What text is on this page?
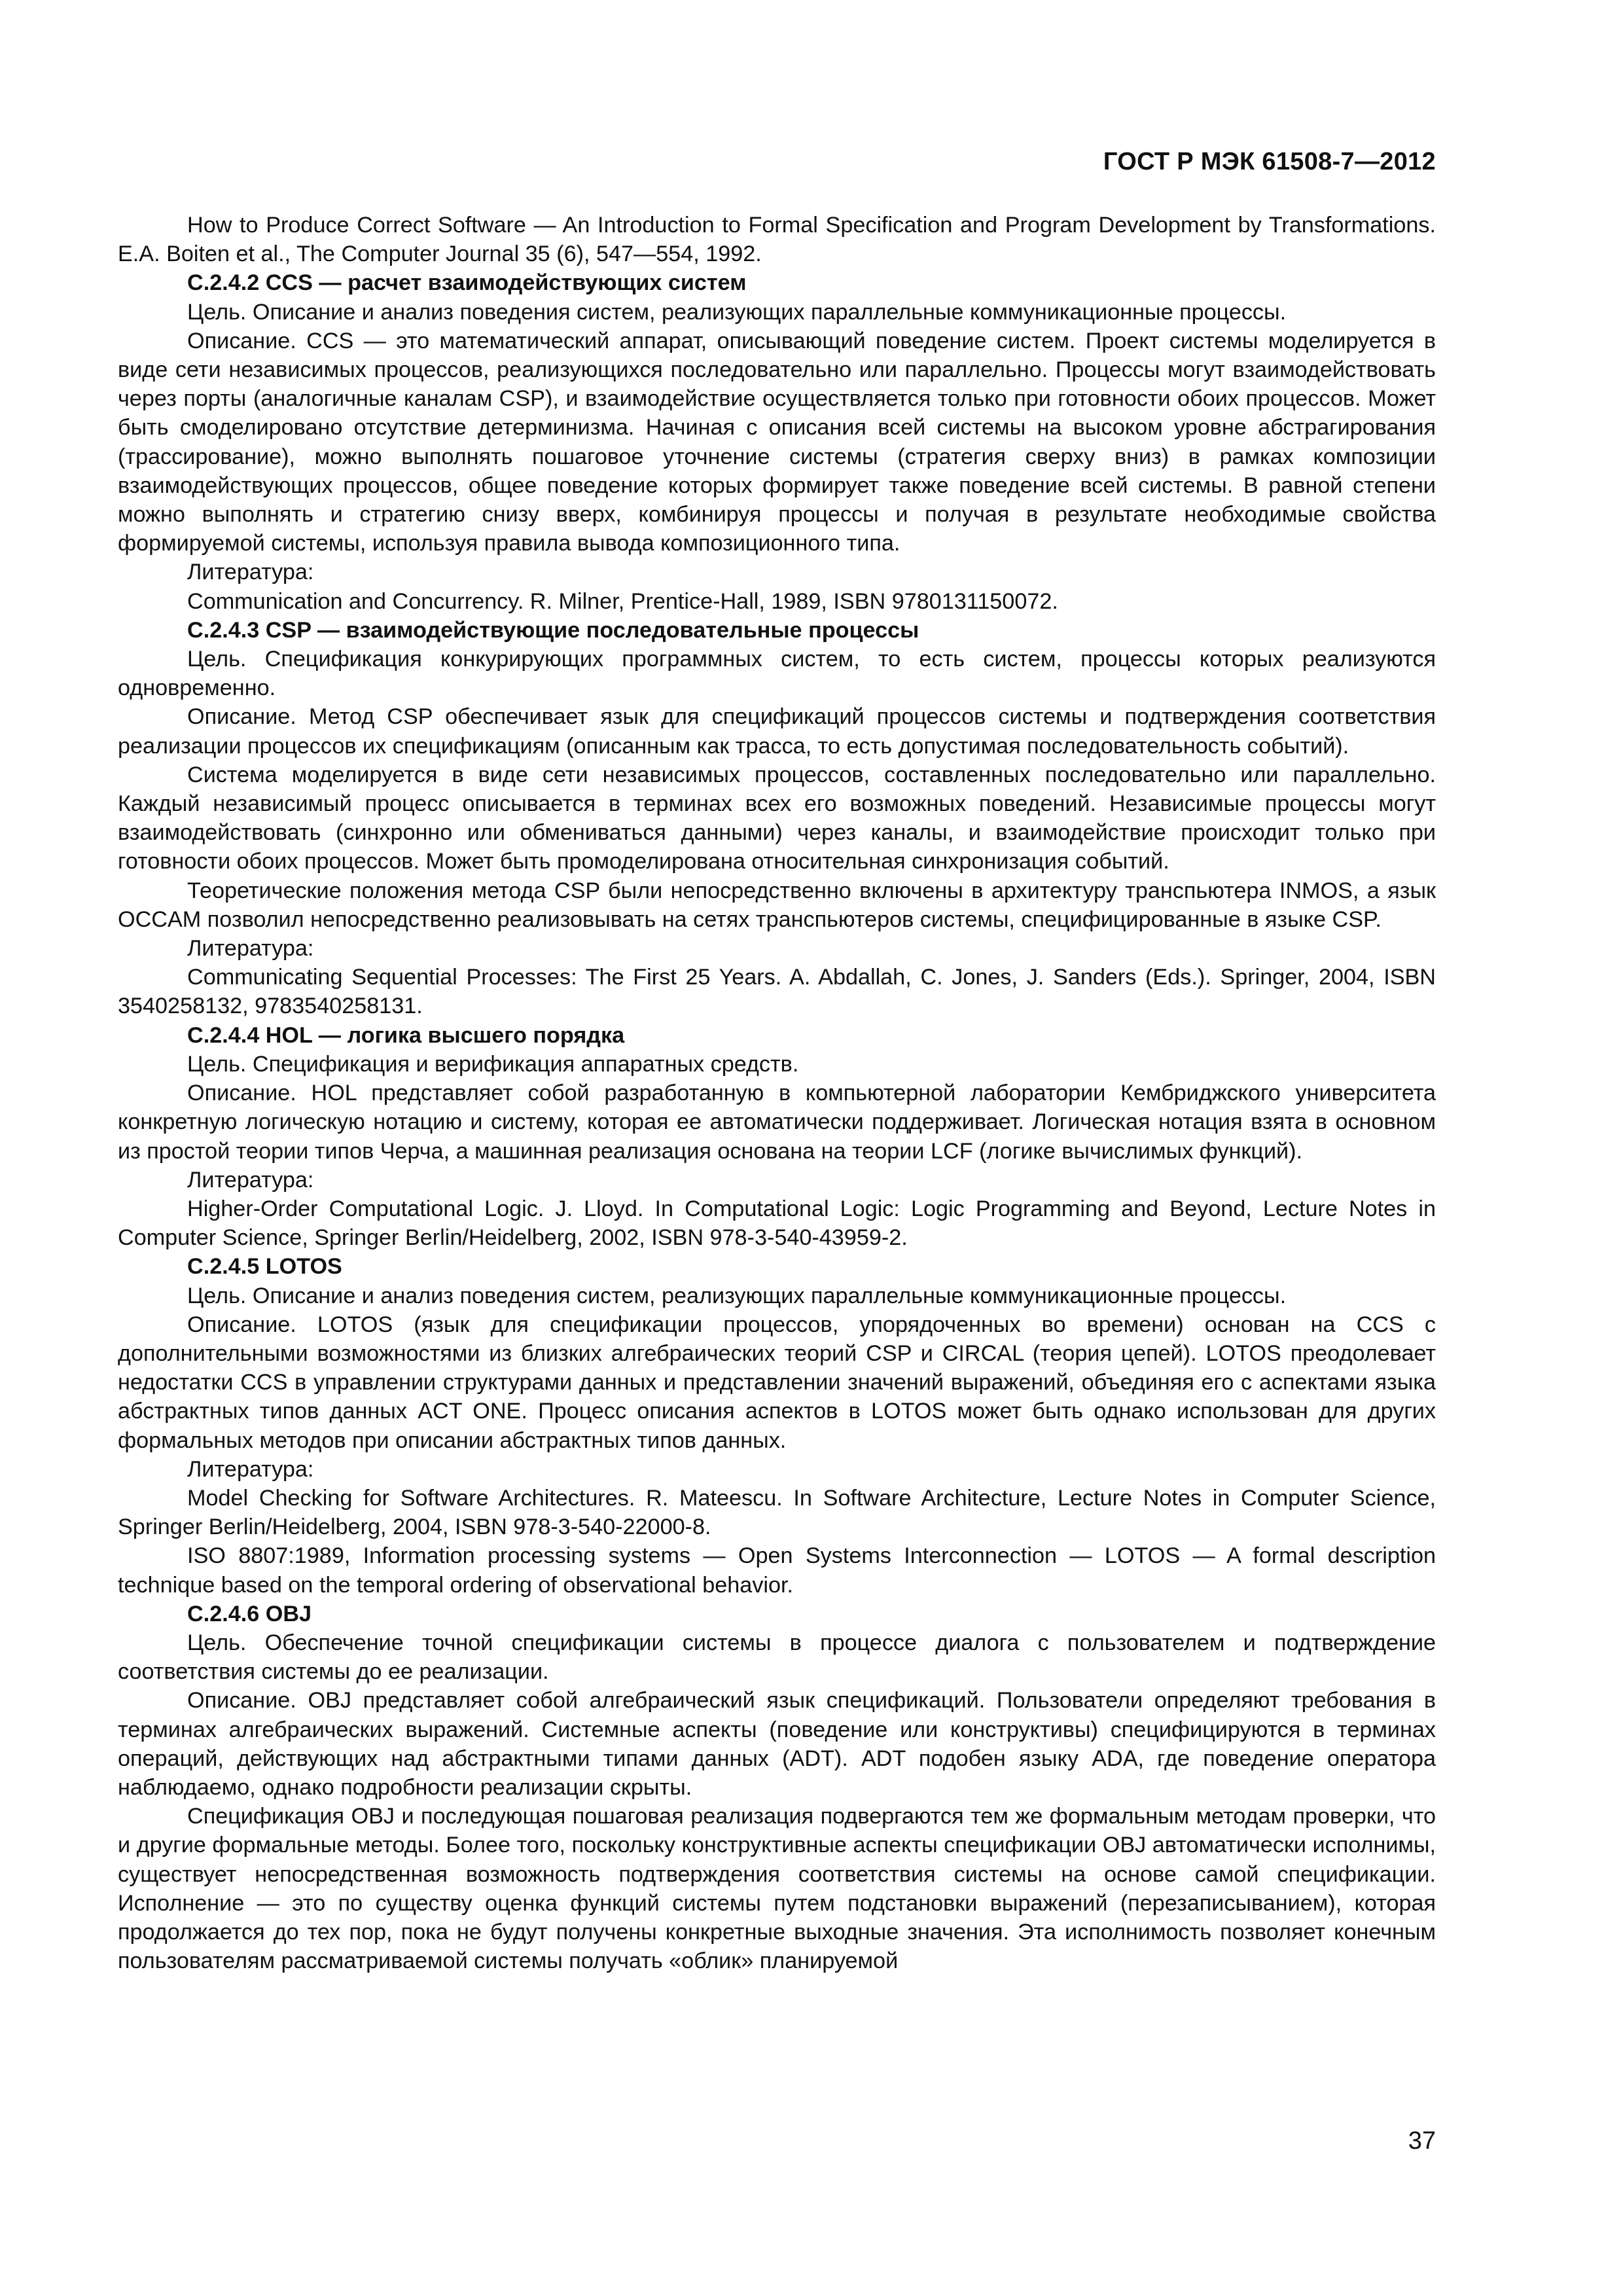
ГОСТ Р МЭК 61508-7—2012

How to Produce Correct Software — An Introduction to Formal Specification and Program Development by Transformations. E.A. Boiten et al., The Computer Journal 35 (6), 547—554, 1992.

C.2.4.2 CCS — расчет взаимодействующих систем

Цель. Описание и анализ поведения систем, реализующих параллельные коммуникационные процессы.

Описание. CCS — это математический аппарат, описывающий поведение систем. Проект системы моделируется в виде сети независимых процессов, реализующихся последовательно или параллельно. Процессы могут взаимодействовать через порты (аналогичные каналам CSP), и взаимодействие осуществляется только при готовности обоих процессов. Может быть смоделировано отсутствие детерминизма. Начиная с описания всей системы на высоком уровне абстрагирования (трассирование), можно выполнять пошаговое уточнение системы (стратегия сверху вниз) в рамках композиции взаимодействующих процессов, общее поведение которых формирует также поведение всей системы. В равной степени можно выполнять и стратегию снизу вверх, комбинируя процессы и получая в результате необходимые свойства формируемой системы, используя правила вывода композиционного типа.

Литература:

Communication and Concurrency. R. Milner, Prentice-Hall, 1989, ISBN 9780131150072.

C.2.4.3 CSP — взаимодействующие последовательные процессы

Цель. Спецификация конкурирующих программных систем, то есть систем, процессы которых реализуются одновременно.

Описание. Метод CSP обеспечивает язык для спецификаций процессов системы и подтверждения соответствия реализации процессов их спецификациям (описанным как трасса, то есть допустимая последовательность событий).

Система моделируется в виде сети независимых процессов, составленных последовательно или параллельно. Каждый независимый процесс описывается в терминах всех его возможных поведений. Независимые процессы могут взаимодействовать (синхронно или обмениваться данными) через каналы, и взаимодействие происходит только при готовности обоих процессов. Может быть промоделирована относительная синхронизация событий.

Теоретические положения метода CSP были непосредственно включены в архитектуру транспьютера INMOS, а язык OCCAM позволил непосредственно реализовывать на сетях транспьютеров системы, специфицированные в языке CSP.

Литература:

Communicating Sequential Processes: The First 25 Years. A. Abdallah, C. Jones, J. Sanders (Eds.). Springer, 2004, ISBN 3540258132, 9783540258131.

C.2.4.4 HOL — логика высшего порядка

Цель. Спецификация и верификация аппаратных средств.

Описание. HOL представляет собой разработанную в компьютерной лаборатории Кембриджского университета конкретную логическую нотацию и систему, которая ее автоматически поддерживает. Логическая нотация взята в основном из простой теории типов Черча, а машинная реализация основана на теории LCF (логике вычислимых функций).

Литература:

Higher-Order Computational Logic. J. Lloyd. In Computational Logic: Logic Programming and Beyond, Lecture Notes in Computer Science, Springer Berlin/Heidelberg, 2002, ISBN 978-3-540-43959-2.

C.2.4.5 LOTOS

Цель. Описание и анализ поведения систем, реализующих параллельные коммуникационные процессы.

Описание. LOTOS (язык для спецификации процессов, упорядоченных во времени) основан на CCS с дополнительными возможностями из близких алгебраических теорий CSP и CIRCAL (теория цепей). LOTOS преодолевает недостатки CCS в управлении структурами данных и представлении значений выражений, объединяя его с аспектами языка абстрактных типов данных ACT ONE. Процесс описания аспектов в LOTOS может быть однако использован для других формальных методов при описании абстрактных типов данных.

Литература:

Model Checking for Software Architectures. R. Mateescu. In Software Architecture, Lecture Notes in Computer Science, Springer Berlin/Heidelberg, 2004, ISBN 978-3-540-22000-8.

ISO 8807:1989, Information processing systems — Open Systems Interconnection — LOTOS — A formal description technique based on the temporal ordering of observational behavior.

C.2.4.6 OBJ

Цель. Обеспечение точной спецификации системы в процессе диалога с пользователем и подтверждение соответствия системы до ее реализации.

Описание. OBJ представляет собой алгебраический язык спецификаций. Пользователи определяют требования в терминах алгебраических выражений. Системные аспекты (поведение или конструктивы) специфицируются в терминах операций, действующих над абстрактными типами данных (ADT). ADT подобен языку ADA, где поведение оператора наблюдаемо, однако подробности реализации скрыты.

Спецификация OBJ и последующая пошаговая реализация подвергаются тем же формальным методам проверки, что и другие формальные методы. Более того, поскольку конструктивные аспекты спецификации OBJ автоматически исполнимы, существует непосредственная возможность подтверждения соответствия системы на основе самой спецификации. Исполнение — это по существу оценка функций системы путем подстановки выражений (перезаписыванием), которая продолжается до тех пор, пока не будут получены конкретные выходные значения. Эта исполнимость позволяет конечным пользователям рассматриваемой системы получать «облик» планируемой

37
